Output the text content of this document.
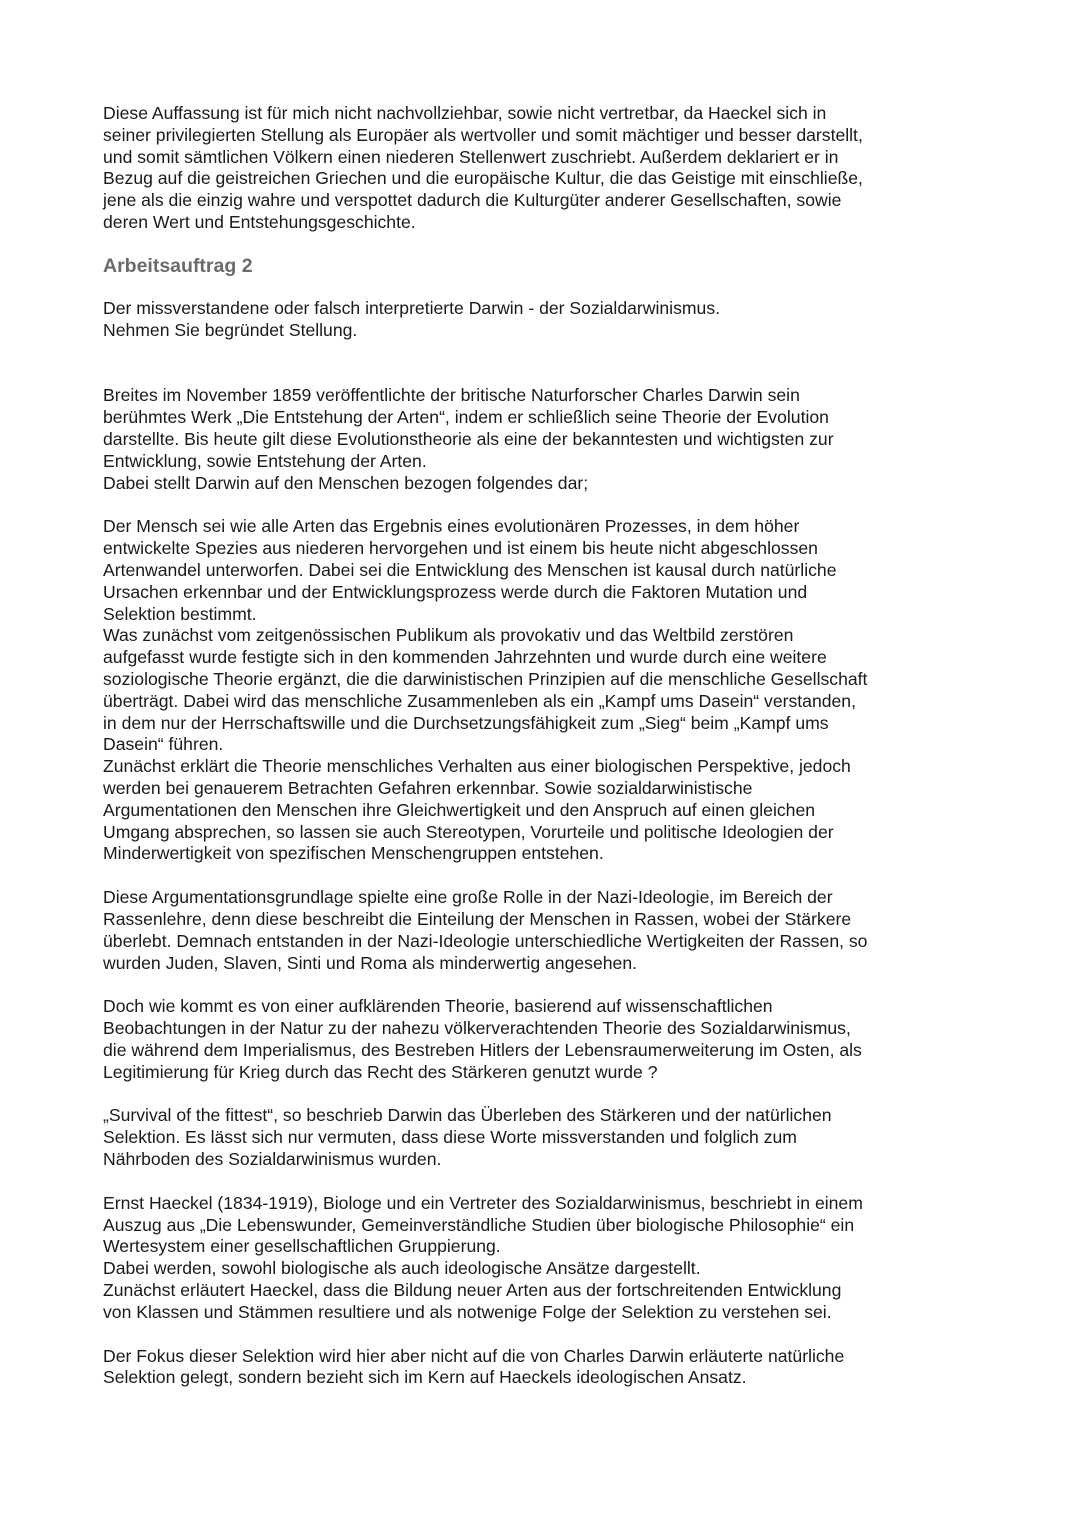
Diese Auffassung ist für mich nicht nachvollziehbar, sowie nicht vertretbar, da Haeckel sich in
seiner privilegierten Stellung als Europäer als wertvoller und somit mächtiger und besser darstellt,
und somit sämtlichen Völkern einen niederen Stellenwert zuschriebt. Außerdem deklariert er in
Bezug auf die geistreichen Griechen und die europäische Kultur, die das Geistige mit einschließe,
jene als die einzig wahre und verspottet dadurch die Kulturgüter anderer Gesellschaften, sowie
deren Wert und Entstehungsgeschichte.

Arbeitsauftrag 2

Der missverstandene oder falsch interpretierte Darwin - der Sozialdarwinismus.
Nehmen Sie begründet Stellung.

Breites im November 1859 veröffentlichte der britische Naturforscher Charles Darwin sein
berühmtes Werk „Die Entstehung der Arten“, indem er schließlich seine Theorie der Evolution
darstellte. Bis heute gilt diese Evolutionstheorie als eine der bekanntesten und wichtigsten zur
Entwicklung, sowie Entstehung der Arten.
Dabei stellt Darwin auf den Menschen bezogen folgendes dar;

Der Mensch sei wie alle Arten das Ergebnis eines evolutionären Prozesses, in dem höher
entwickelte Spezies aus niederen hervorgehen und ist einem bis heute nicht abgeschlossen
Artenwandel unterworfen. Dabei sei die Entwicklung des Menschen ist kausal durch natürliche
Ursachen erkennbar und der Entwicklungsprozess werde durch die Faktoren Mutation und
Selektion bestimmt.
Was zunächst vom zeitgenössischen Publikum als provokativ und das Weltbild zerstören
aufgefasst wurde festigte sich in den kommenden Jahrzehnten und wurde durch eine weitere
soziologische Theorie ergänzt, die die darwinistischen Prinzipien auf die menschliche Gesellschaft
überträgt. Dabei wird das menschliche Zusammenleben als ein „Kampf ums Dasein“ verstanden,
in dem nur der Herrschaftswille und die Durchsetzungsfähigkeit zum „Sieg“ beim „Kampf ums
Dasein“ führen.
Zunächst erklärt die Theorie menschliches Verhalten aus einer biologischen Perspektive, jedoch
werden bei genauerem Betrachten Gefahren erkennbar. Sowie sozialdarwinistische
Argumentationen den Menschen ihre Gleichwertigkeit und den Anspruch auf einen gleichen
Umgang absprechen, so lassen sie auch Stereotypen, Vorurteile und politische Ideologien der
Minderwertigkeit von spezifischen Menschengruppen entstehen.

Diese Argumentationsgrundlage spielte eine große Rolle in der Nazi-Ideologie, im Bereich der
Rassenlehre, denn diese beschreibt die Einteilung der Menschen in Rassen, wobei der Stärkere
überlebt. Demnach entstanden in der Nazi-Ideologie unterschiedliche Wertigkeiten der Rassen, so
wurden Juden, Slaven, Sinti und Roma als minderwertig angesehen.

Doch wie kommt es von einer aufklärenden Theorie, basierend auf wissenschaftlichen
Beobachtungen in der Natur zu der nahezu völkerverachtenden Theorie des Sozialdarwinismus,
die während dem Imperialismus, des Bestreben Hitlers der Lebensraumerweiterung im Osten, als
Legitimierung für Krieg durch das Recht des Stärkeren genutzt wurde ?

„Survival of the fittest“, so beschrieb Darwin das Überleben des Stärkeren und der natürlichen
Selektion. Es lässt sich nur vermuten, dass diese Worte missverstanden und folglich zum
Nährboden des Sozialdarwinismus wurden.

Ernst Haeckel (1834-1919), Biologe und ein Vertreter des Sozialdarwinismus, beschriebt in einem
Auszug aus „Die Lebenswunder, Gemeinverständliche Studien über biologische Philosophie“ ein
Wertesystem einer gesellschaftlichen Gruppierung.
Dabei werden, sowohl biologische als auch ideologische Ansätze dargestellt.
Zunächst erläutert Haeckel, dass die Bildung neuer Arten aus der fortschreitenden Entwicklung
von Klassen und Stämmen resultiere und als notwenige Folge der Selektion zu verstehen sei.

Der Fokus dieser Selektion wird hier aber nicht auf die von Charles Darwin erläuterte natürliche
Selektion gelegt, sondern bezieht sich im Kern auf Haeckels ideologischen Ansatz.
